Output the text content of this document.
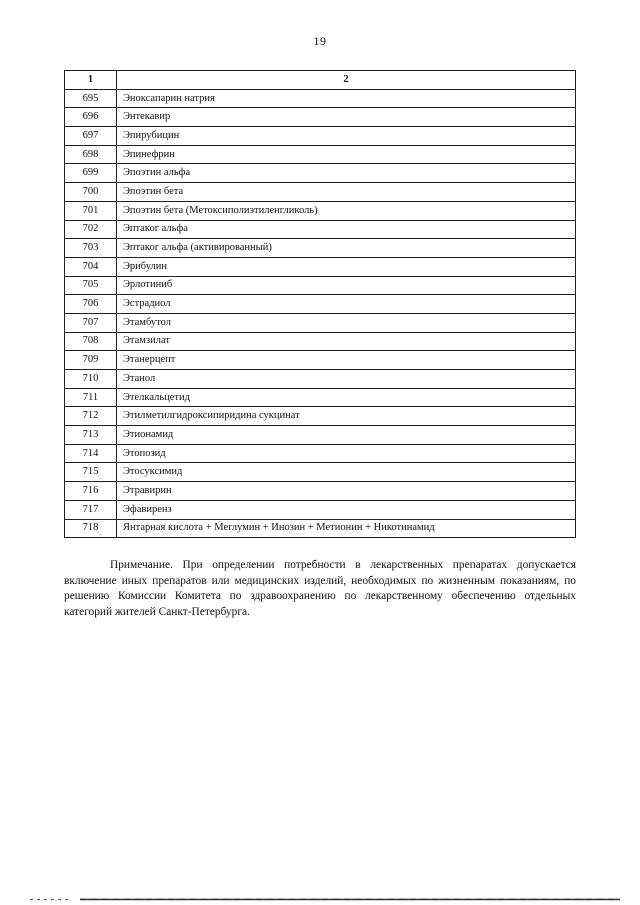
19
1	2
695	Эноксапарин натрия
696	Энтекавир
697	Эпирубицин
698	Эпинефрин
699	Эпоэтин альфа
700	Эпоэтин бета
701	Эпоэтин бета (Метоксиполиэтиленгликоль)
702	Эптаког альфа
703	Эптаког альфа (активированный)
704	Эрибулин
705	Эрлотиниб
706	Эстрадиол
707	Этамбутол
708	Этамзилат
709	Этанерцепт
710	Этанол
711	Этелкальцетид
712	Этилметилгидроксипиридина сукцинат
713	Этионамид
714	Этопозид
715	Этосуксимид
716	Этравирин
717	Эфавиренз
718	Янтарная кислота + Меглумин + Инозин + Метионин + Никотинамид

Примечание. При определении потребности в лекарственных препаратах допускается включение иных препаратов или медицинских изделий, необходимых по жизненным показаниям, по решению Комиссии Комитета по здравоохранению по лекарственному обеспечению отдельных категорий жителей Санкт-Петербурга.
